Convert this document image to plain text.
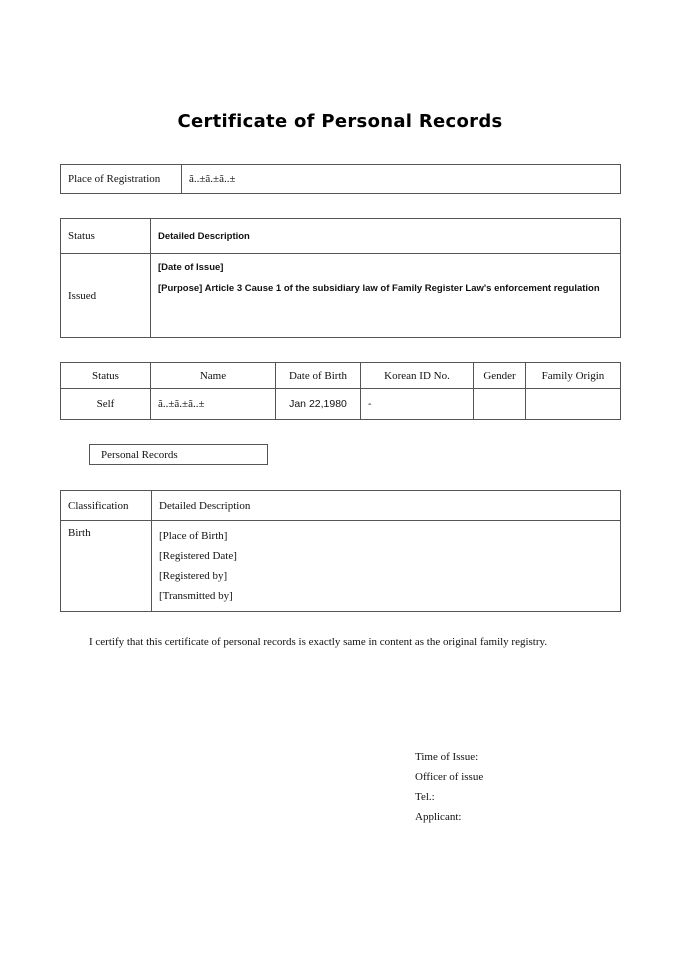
Certificate of Personal Records
Place of Registration	ã..±ã.±ã..±
Status	Detailed Description
Issued	[Date of Issue]
[Purpose] Article 3 Cause 1 of the subsidiary law of Family Register Law's enforcement regulation
Status	Name	Date of Birth	Korean ID No.	Gender	Family Origin
Self	ã..±ã.±ã..±	Jan 22,1980	-		
Personal Records
Classification	Detailed Description
Birth	[Place of Birth]
[Registered Date]
[Registered by]
[Transmitted by]
I certify that this certificate of personal records is exactly same in content as the original family registry.
Time of Issue:
Officer of issue
Tel.:
Applicant:
